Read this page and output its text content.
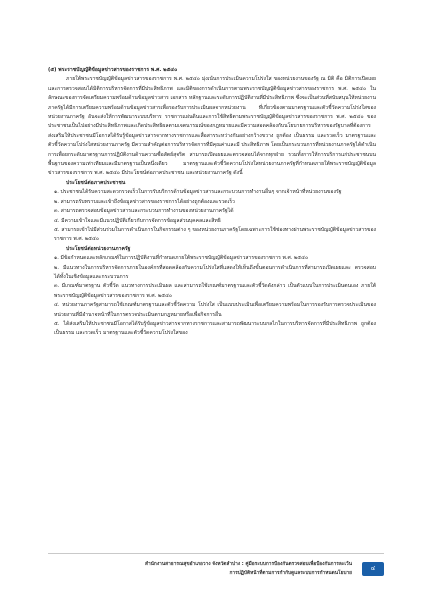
(๕) พระราชบัญญัติข้อมูลข่าวสารของราชการ พ.ศ. ๒๕๔๐

ภายใต้พระราชบัญญัติข้อมูลข่าวสารของราชการ พ.ศ. ๒๕๔๐ มุ่งเน้นการประเมินความโปร่งใส ของหน่วยงานของรัฐ ณ มิติ คือ มิติการเปิดเผยและการตรวจสอบได้มิติการบริหารจัดการที่มีประสิทธิภาพ และมิติของการดำเนินการตามพระราชบัญญัติข้อมูลข่าวสารของราชการ พ.ศ. ๒๕๔๐ ในลักษณะของการจัดเตรียมความพร้อมด้านข้อมูลข่าวสาร เอกสาร หลักฐานและระดับการปฏิบัติงานที่มีประสิทธิภาพ ซึ่งจะเป็นส่วนที่สนับสนุนให้หน่วยงานภาครัฐได้มีการเตรียมความพร้อมด้านข้อมูลข่าวสารเพื่อรองรับการประเมินผลจากหน่วยงาน ที่เกี่ยวข้องตามมาตรฐานและตัวชี้วัดความโปร่งใสของหน่วยงานภาครัฐ อันจะส่งให้การพัฒนาระบบบริหาร ราชการแผ่นดินและการใช้สิทธิตามพระราชบัญญัติข้อมูลข่าวสารของราชการ พ.ศ. ๒๕๔๐ ของประชาชนเป็นไปอย่างมีประสิทธิภาพและเกิดประสิทธิผลตามเจตนารมณ์ของกฎหมายและมีความสอดคล้องกับนโยบายการบริหารของรัฐบาลที่ต้องการส่งเสริมให้ประชาชนมีโอกาสได้รับรู้ข้อมูลข่าวสารจากทางราชการและสื่อสารระหว่างกันอย่างกว้างขวาง ถูกต้อง เป็นธรรม และรวดเร็ว มาตรฐานและตัวชี้วัดความโปร่งใสหน่วยงานภาครัฐ มีความสำคัญต่อการบริหารจัดการที่มีคุณค่าและมี ประสิทธิภาพ โดยเป็นกระบวนการที่หน่วยงานภาครัฐได้ดำเนินการเพื่อยกระดับมาตรฐานการปฏิบัติงานด้านความซื่อสัตย์สุจริต สามารถเปิดเผยและตรวจสอบได้จากทุกฝ่าย รวมทั้งการให้การบริการแก่ประชาชนบนพื้นฐานของความเท่าเทียมและมีมาตรฐานเป็นหนึ่งเดียว มาตรฐานและตัวชี้วัดความโปร่งใสหน่วยงานภาครัฐที่กำหนดภายใต้พระราชบัญญัติข้อมูลข่าวสารของราชการ พ.ศ. ๒๕๔๐ มีประโยชน์ต่อภาคประชาชน และหน่วยงานภาครัฐ ดังนี้

ประโยชน์ต่อภาคประชาชน

๑. ประชาชนได้รับความสะดวกรวดเร็วในการรับบริการด้านข้อมูลข่าวสารและกระบวนการทำงานอื่นๆ จากเจ้าหน้าที่หน่วยงานของรัฐ

๒. สามารถรับทราบและเข้าถึงข้อมูลข่าวสารของราชการได้อย่างถูกต้องและรวดเร็ว

๓. สามารถตรวจสอบข้อมูลข่าวสารและกระบวนการทำงานของหน่วยงานภาครัฐได้

๔. มีความเข้าใจและมีแนวปฏิบัติเกี่ยวกับการจัดการข้อมูลส่วนบุคคลและสิทธิ

๕. สามารถเข้าไปมีส่วนร่วมในการดำเนินการในกิจกรรมต่าง ๆ ของหน่วยงานภาครัฐโดยเฉพาะการใช้ช่องทางผ่านพระราชบัญญัติข้อมูลข่าวสารของราชการ พ.ศ. ๒๕๔๐

ประโยชน์ต่อหน่วยงานภาครัฐ

๑. มีข้อกำหนดและหลักเกณฑ์ในการปฏิบัติงานที่กำหนดภายใต้พระราชบัญญัติข้อมูลข่าวสารของราชการ พ.ศ. ๒๕๔๐

๒. มีแนวทางในการบริหารจัดการภายในองค์กรที่สอดคล้องกับความโปร่งใสที่แสดงให้เห็นถึงขั้นตอนการดำเนินการที่สามารถเปิดเผยและ ตรวจสอบได้ทั้งในเชิงข้อมูลและกระบวนการ

๓. มีเกณฑ์มาตรฐาน ตัวชี้วัด แนวทางการประเมินผล และสามารถใช้เกณฑ์มาตรฐานและตัวชี้วัดดังกล่าว เป็นตัวแบบในการประเมินตนเอง ภายใต้พระราชบัญญัติข้อมูลข่าวสารของราชการ พ.ศ. ๒๕๔๐

๔. หน่วยงานภาครัฐสามารถใช้เกณฑ์มาตรฐานและตัวชี้วัดความ โปร่งใส เป็นแบบประเมินเพื่อเตรียมความพร้อมในการรองรับการตรวจประเมินของ หน่วยงานที่มีอำนาจหน้าที่ในการตรวจประเมินตามกฎหมายหรือเพื่อกิจการอื่น

๕. ได้ส่งเสริมให้ประชาชนมีโอกาสได้รับรู้ข้อมูลข่าวสารจากทางราชการและสามารถพัฒนาระบบกลไกในการบริหารจัดการที่มีประสิทธิภาพ ถูกต้อง เป็นธรรม และรวดเร็ว มาตรฐานและตัวชี้วัดความโปร่งใสของ

สำนักงานสาธารณสุขอำเภอวาง จังหวัดลำปาง : คู่มือระบบการป้องกันตรวจสอบเพื่อป้องกันการละเว้น
การปฏิบัติหน้าที่ตามการกำกับดูแลระบบการกำหนดนโยบาย
๔
